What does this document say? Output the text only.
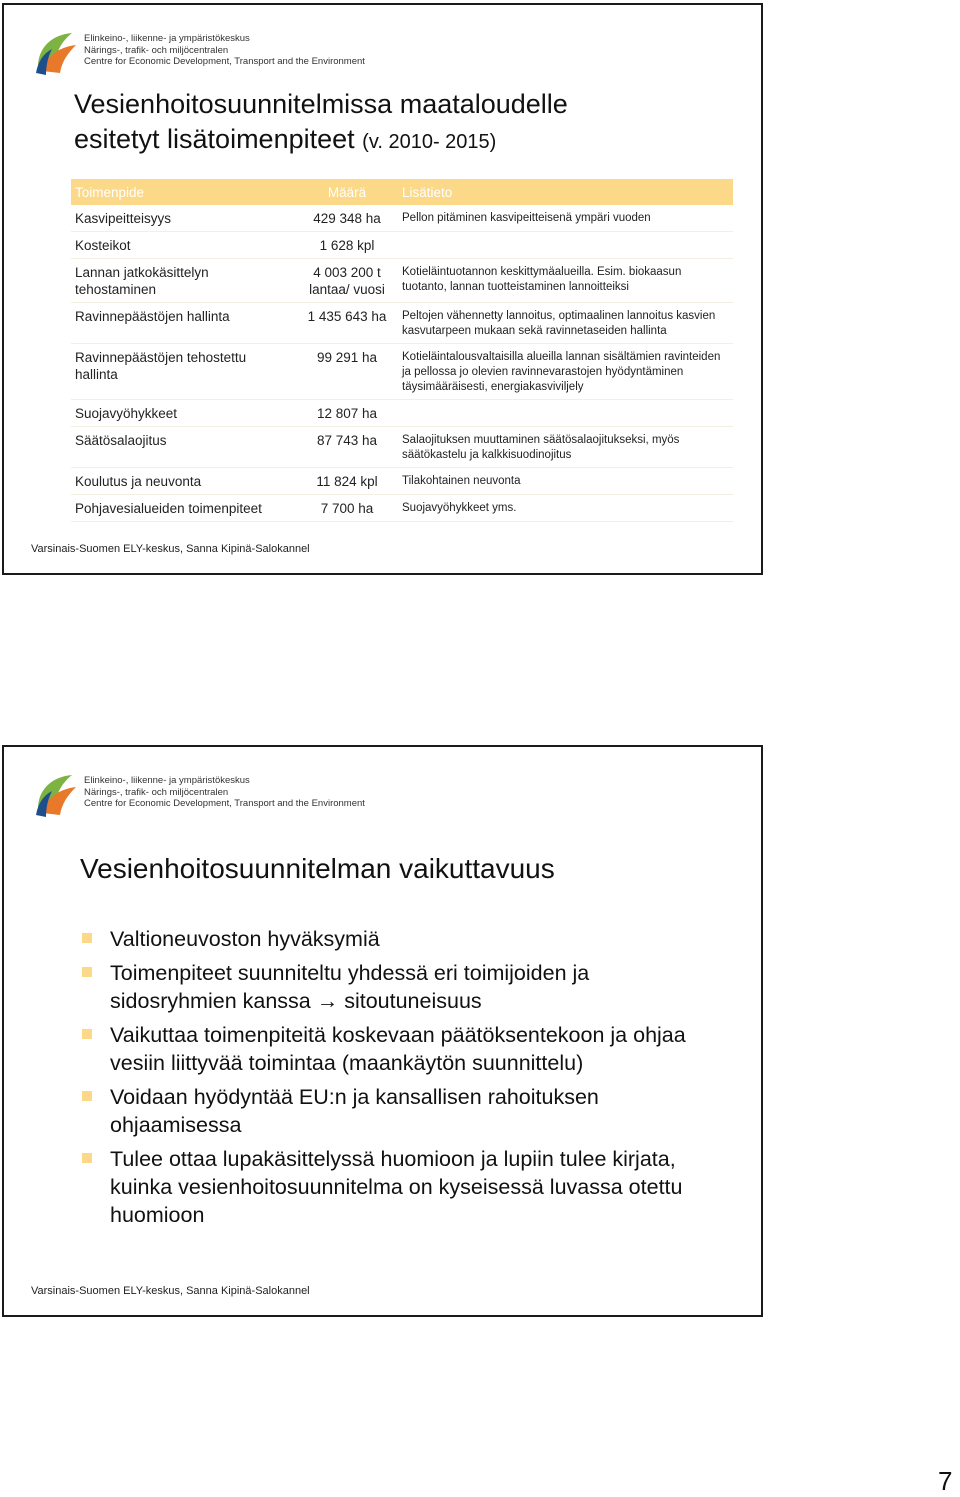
Elinkeino-, liikenne- ja ympäristökeskus
Närings-, trafik- och miljöcentralen
Centre for Economic Development, Transport and the Environment
Vesienhoitosuunnitelmissa maataloudelle
esitetyt lisätoimenpiteet (v. 2010- 2015)
Toimenpide	Määrä	Lisätieto
Kasvipeitteisyys	429 348 ha	Pellon pitäminen kasvipeitteisenä ympäri vuoden
Kosteikot	1 628 kpl	
Lannan jatkokäsittelyn tehostaminen	4 003 200 t lantaa/ vuosi	Kotieläintuotannon keskittymäalueilla. Esim. biokaasun tuotanto, lannan tuotteistaminen lannoitteiksi
Ravinnepäästöjen hallinta	1 435 643 ha	Peltojen vähennetty lannoitus, optimaalinen lannoitus kasvien kasvutarpeen mukaan sekä ravinnetaseiden hallinta
Ravinnepäästöjen tehostettu hallinta	99 291 ha	Kotieläintalousvaltaisilla alueilla lannan sisältämien ravinteiden ja pellossa jo olevien ravinnevarastojen hyödyntäminen täysimääräisesti, energiakasviviljely
Suojavyöhykkeet	12 807 ha	
Säätösalaojitus	87 743 ha	Salaojituksen muuttaminen säätösalaojitukseksi, myös säätökastelu ja kalkkisuodinojitus
Koulutus ja neuvonta	11 824 kpl	Tilakohtainen neuvonta
Pohjavesialueiden toimenpiteet	7 700 ha	Suojavyöhykkeet yms.
Varsinais-Suomen ELY-keskus, Sanna Kipinä-Salokannel
Elinkeino-, liikenne- ja ympäristökeskus
Närings-, trafik- och miljöcentralen
Centre for Economic Development, Transport and the Environment
Vesienhoitosuunnitelman vaikuttavuus
Valtioneuvoston hyväksymiä
Toimenpiteet suunniteltu yhdessä eri toimijoiden ja sidosryhmien kanssa → sitoutuneisuus
Vaikuttaa toimenpiteitä koskevaan päätöksentekoon ja ohjaa vesiin liittyvää toimintaa (maankäytön suunnittelu)
Voidaan hyödyntää EU:n ja kansallisen rahoituksen ohjaamisessa
Tulee ottaa lupakäsittelyssä huomioon ja lupiin tulee kirjata, kuinka vesienhoitosuunnitelma on kyseisessä luvassa otettu huomioon
Varsinais-Suomen ELY-keskus, Sanna Kipinä-Salokannel
7
